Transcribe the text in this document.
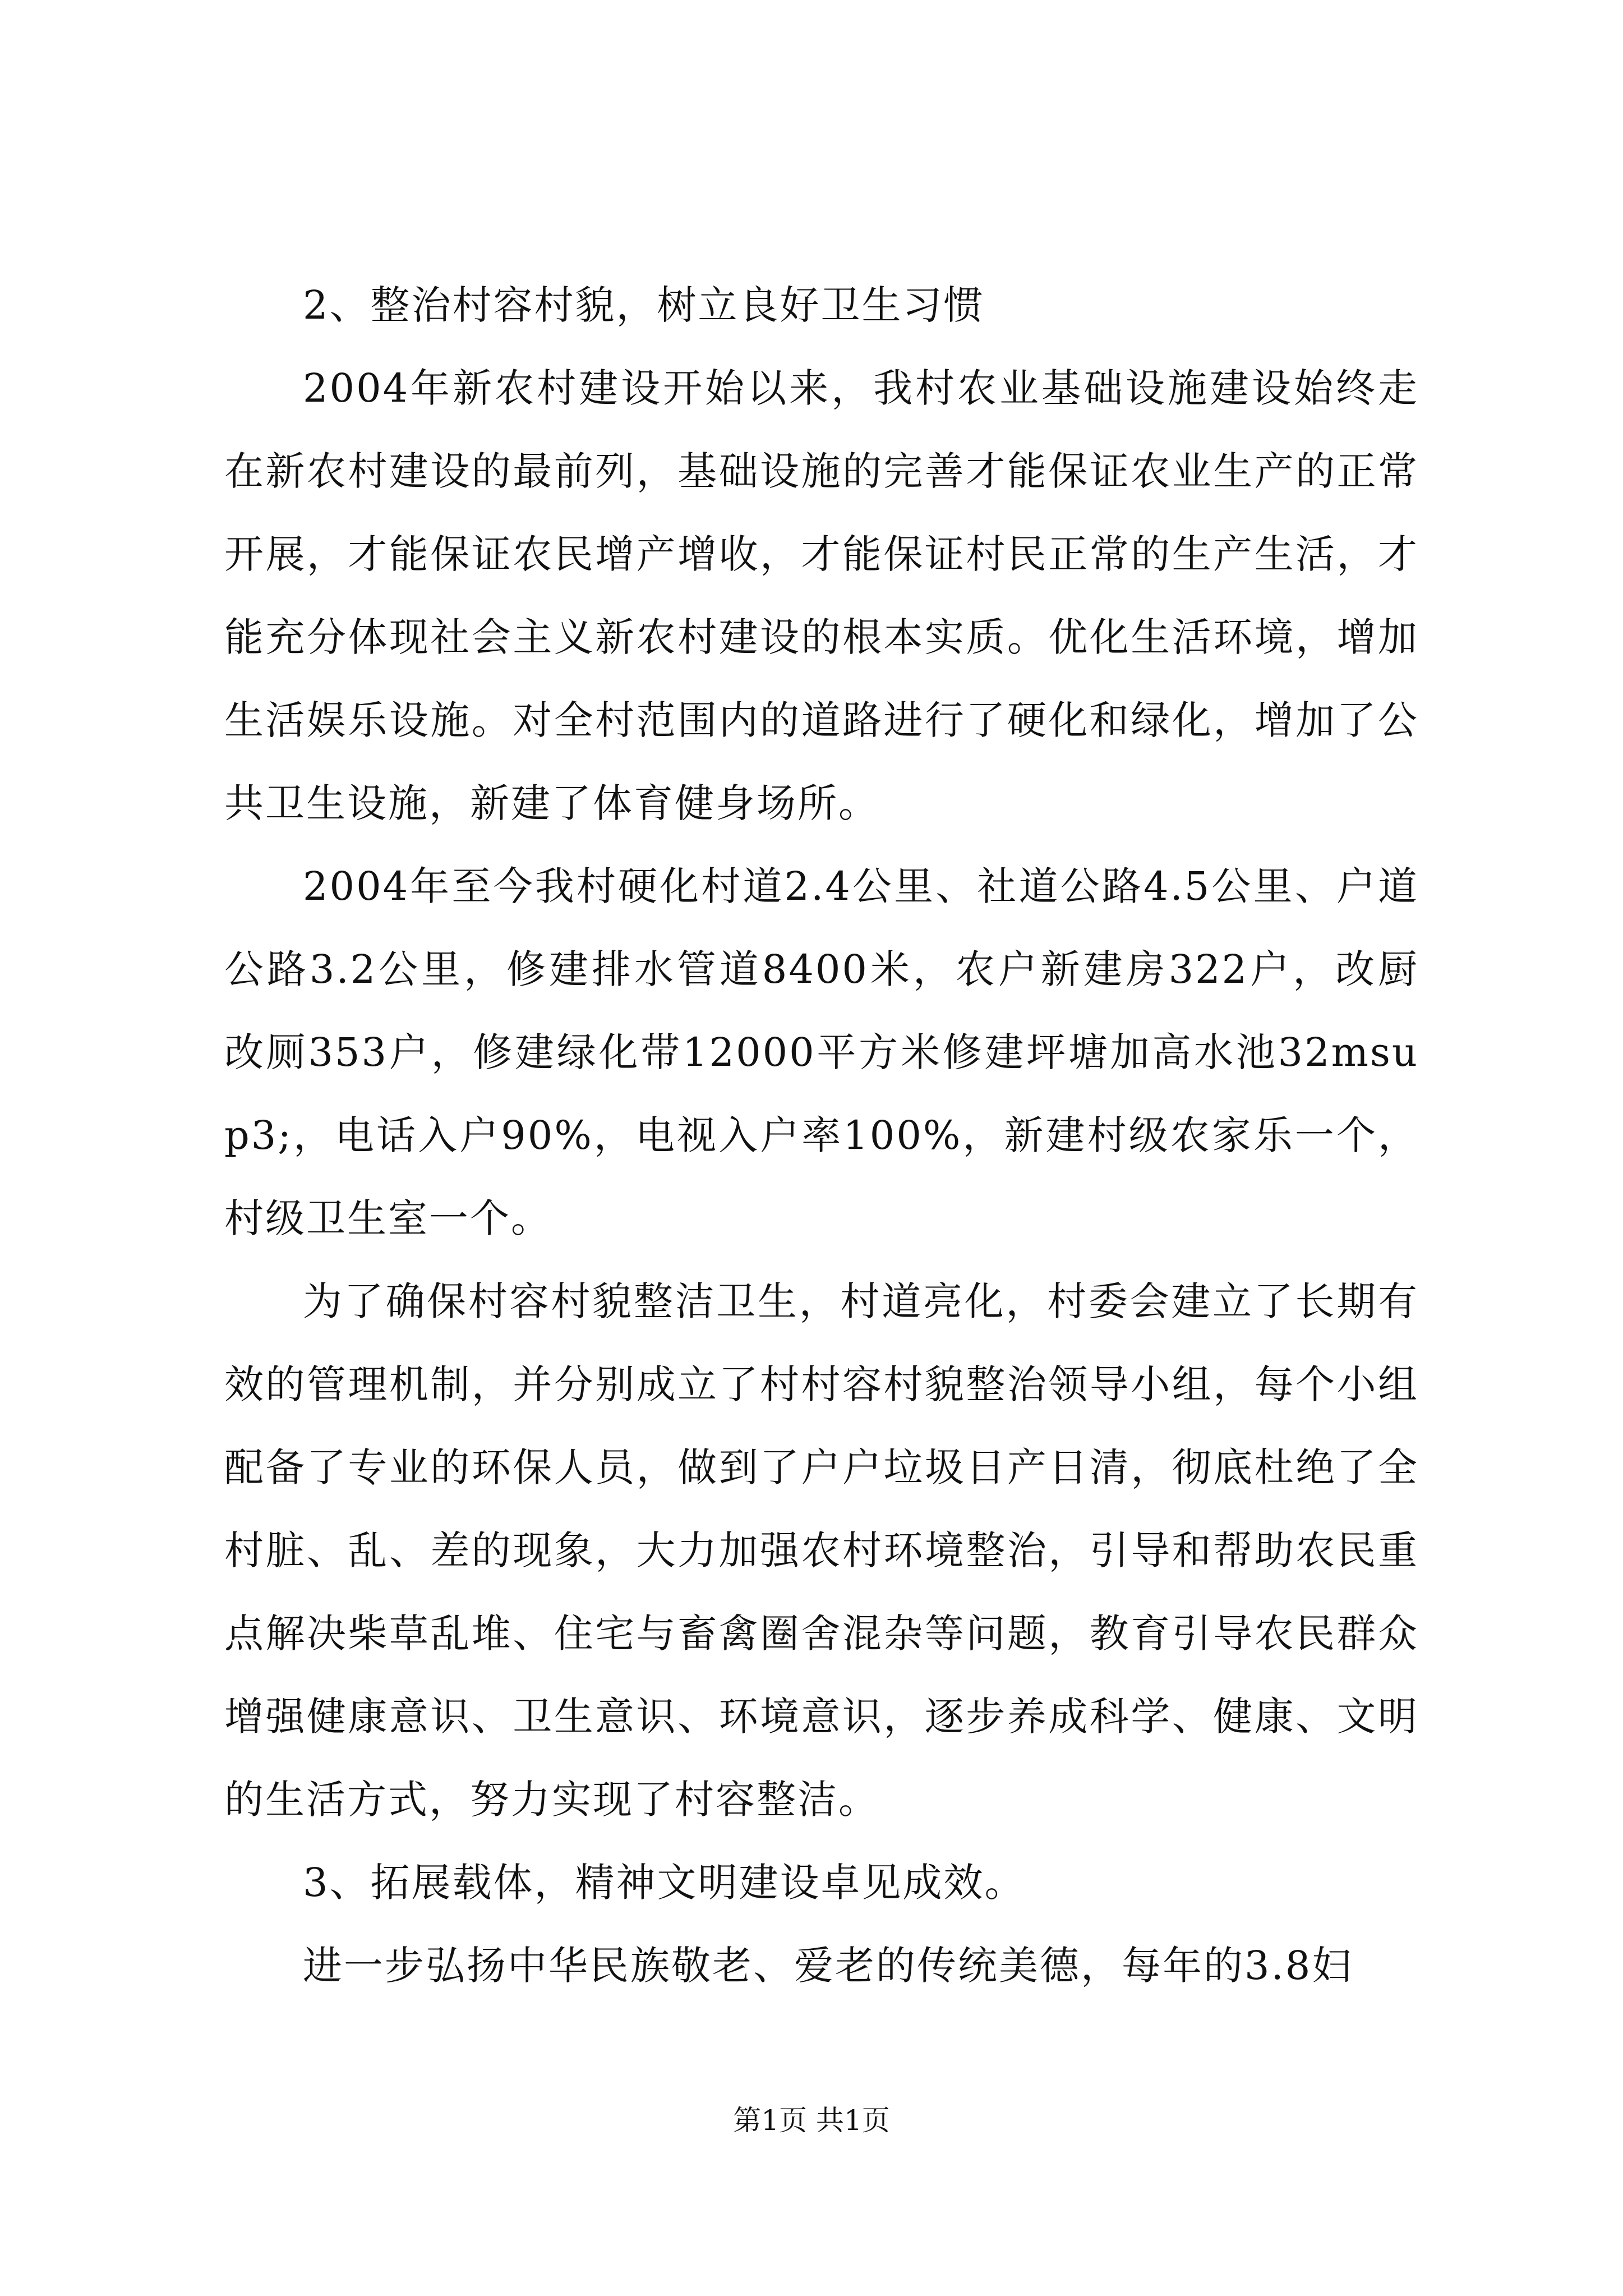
2、整治村容村貌，树立良好卫生习惯

2004年新农村建设开始以来，我村农业基础设施建设始终走在新农村建设的最前列，基础设施的完善才能保证农业生产的正常开展，才能保证农民增产增收，才能保证村民正常的生产生活，才能充分体现社会主义新农村建设的根本实质。优化生活环境，增加生活娱乐设施。对全村范围内的道路进行了硬化和绿化，增加了公共卫生设施，新建了体育健身场所。

2004年至今我村硬化村道2.4公里、社道公路4.5公里、户道公路3.2公里，修建排水管道8400米，农户新建房322户，改厨改厕353户，修建绿化带12000平方米修建坪塘加高水池32msup3;，电话入户90%，电视入户率100%，新建村级农家乐一个，村级卫生室一个。

为了确保村容村貌整洁卫生，村道亮化，村委会建立了长期有效的管理机制，并分别成立了村村容村貌整治领导小组，每个小组配备了专业的环保人员，做到了户户垃圾日产日清，彻底杜绝了全村脏、乱、差的现象，大力加强农村环境整治，引导和帮助农民重点解决柴草乱堆、住宅与畜禽圈舍混杂等问题，教育引导农民群众增强健康意识、卫生意识、环境意识，逐步养成科学、健康、文明的生活方式，努力实现了村容整洁。

3、拓展载体，精神文明建设卓见成效。

进一步弘扬中华民族敬老、爱老的传统美德，每年的3.8妇

第1页 共1页
